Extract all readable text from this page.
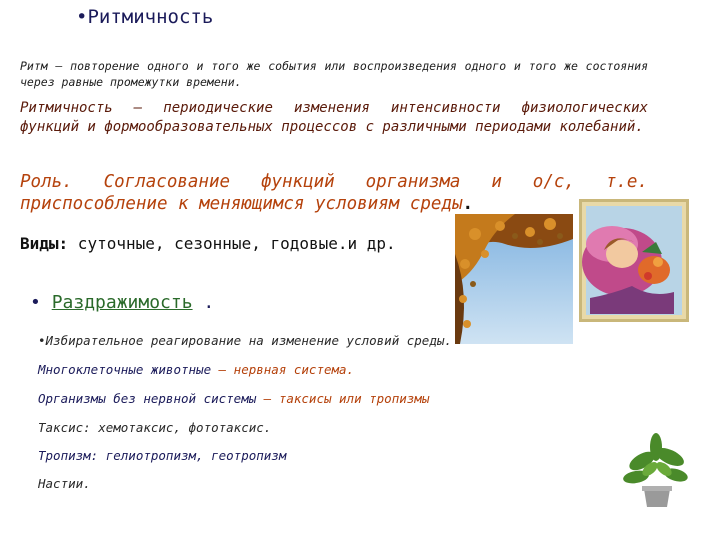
•Ритмичность
Ритм – повторение одного и того же события или воспроизведения одного и того же состояния через равные промежутки времени.
Ритмичность – периодические изменения интенсивности физиологических функций и формообразовательных процессов с различными периодами колебаний.
Роль. Согласование функций организма и о/с, т.е. приспособление к меняющимся условиям среды.
Виды: суточные, сезонные, годовые.и др.
• Раздражимость .
•Избирательное реагирование на изменение условий среды.
Многоклеточные животные – нервная система.
Организмы без нервной системы – таксисы или тропизмы
Таксис: хемотаксис, фототаксис.
Тропизм: гелиотропизм, геотропизм
Настии.
